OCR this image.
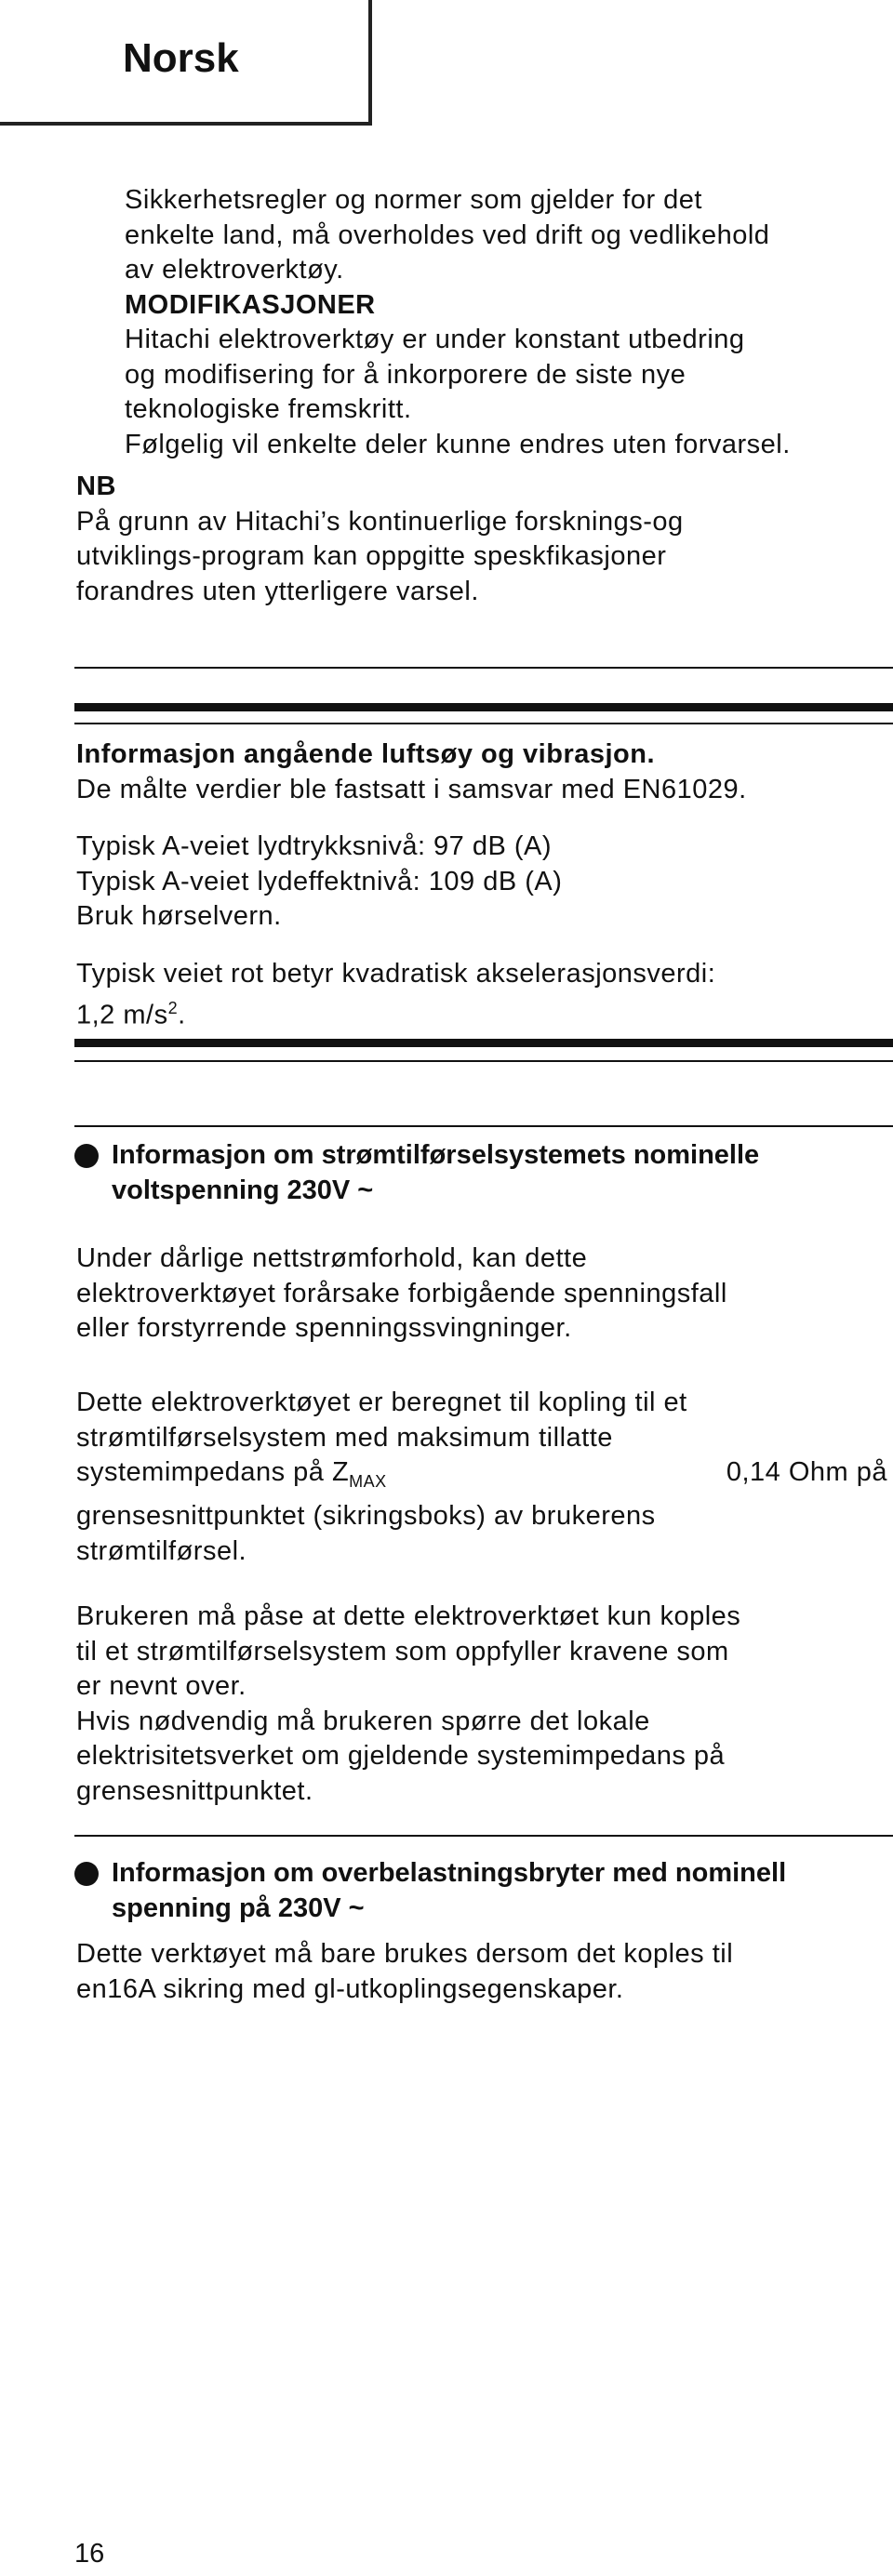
Norsk

Sikkerhetsregler og normer som gjelder for det

enkelte land, må overholdes ved drift og vedlikehold

av elektroverktøy.

MODIFIKASJONER

Hitachi elektroverktøy er under konstant utbedring

og modifisering for å inkorporere de siste nye

teknologiske fremskritt.

Følgelig vil enkelte deler kunne endres uten forvarsel.

NB

På grunn av Hitachi’s kontinuerlige forsknings-og

utviklings-program kan oppgitte speskfikasjoner

forandres uten ytterligere varsel.

Informasjon angående luftsøy og vibrasjon.

De målte verdier ble fastsatt i samsvar med EN61029.

Typisk A-veiet lydtrykksnivå: 97 dB (A)

Typisk A-veiet lydeffektnivå: 109 dB (A)

Bruk hørselvern.

Typisk veiet rot betyr kvadratisk akselerasjonsverdi:

1,2 $m/s^2$.

Informasjon om strømtilførselsystemets nominelle
voltspenning 230V ~

Under dårlige nettstrømforhold, kan dette

elektroverktøyet forårsake forbigående spenningsfall

eller forstyrrende spenningssvingninger.

Dette elektroverktøyet er beregnet til kopling til et

strømtilførselsystem med maksimum tillatte

systemimpedans på $Z_{MAX}$	0,14 Ohm på

grensesnittpunktet (sikringsboks) av brukerens

strømtilførsel.

Brukeren må påse at dette elektroverktøet kun koples

til et strømtilførselsystem som oppfyller kravene som

er nevnt over.

Hvis nødvendig må brukeren spørre det lokale

elektrisitetsverket om gjeldende systemimpedans på

grensesnittpunktet.

Informasjon om overbelastningsbryter med nominell
spenning på 230V ~

Dette verktøyet må bare brukes dersom det koples til

en16A sikring med gl-utkoplingsegenskaper.

16
